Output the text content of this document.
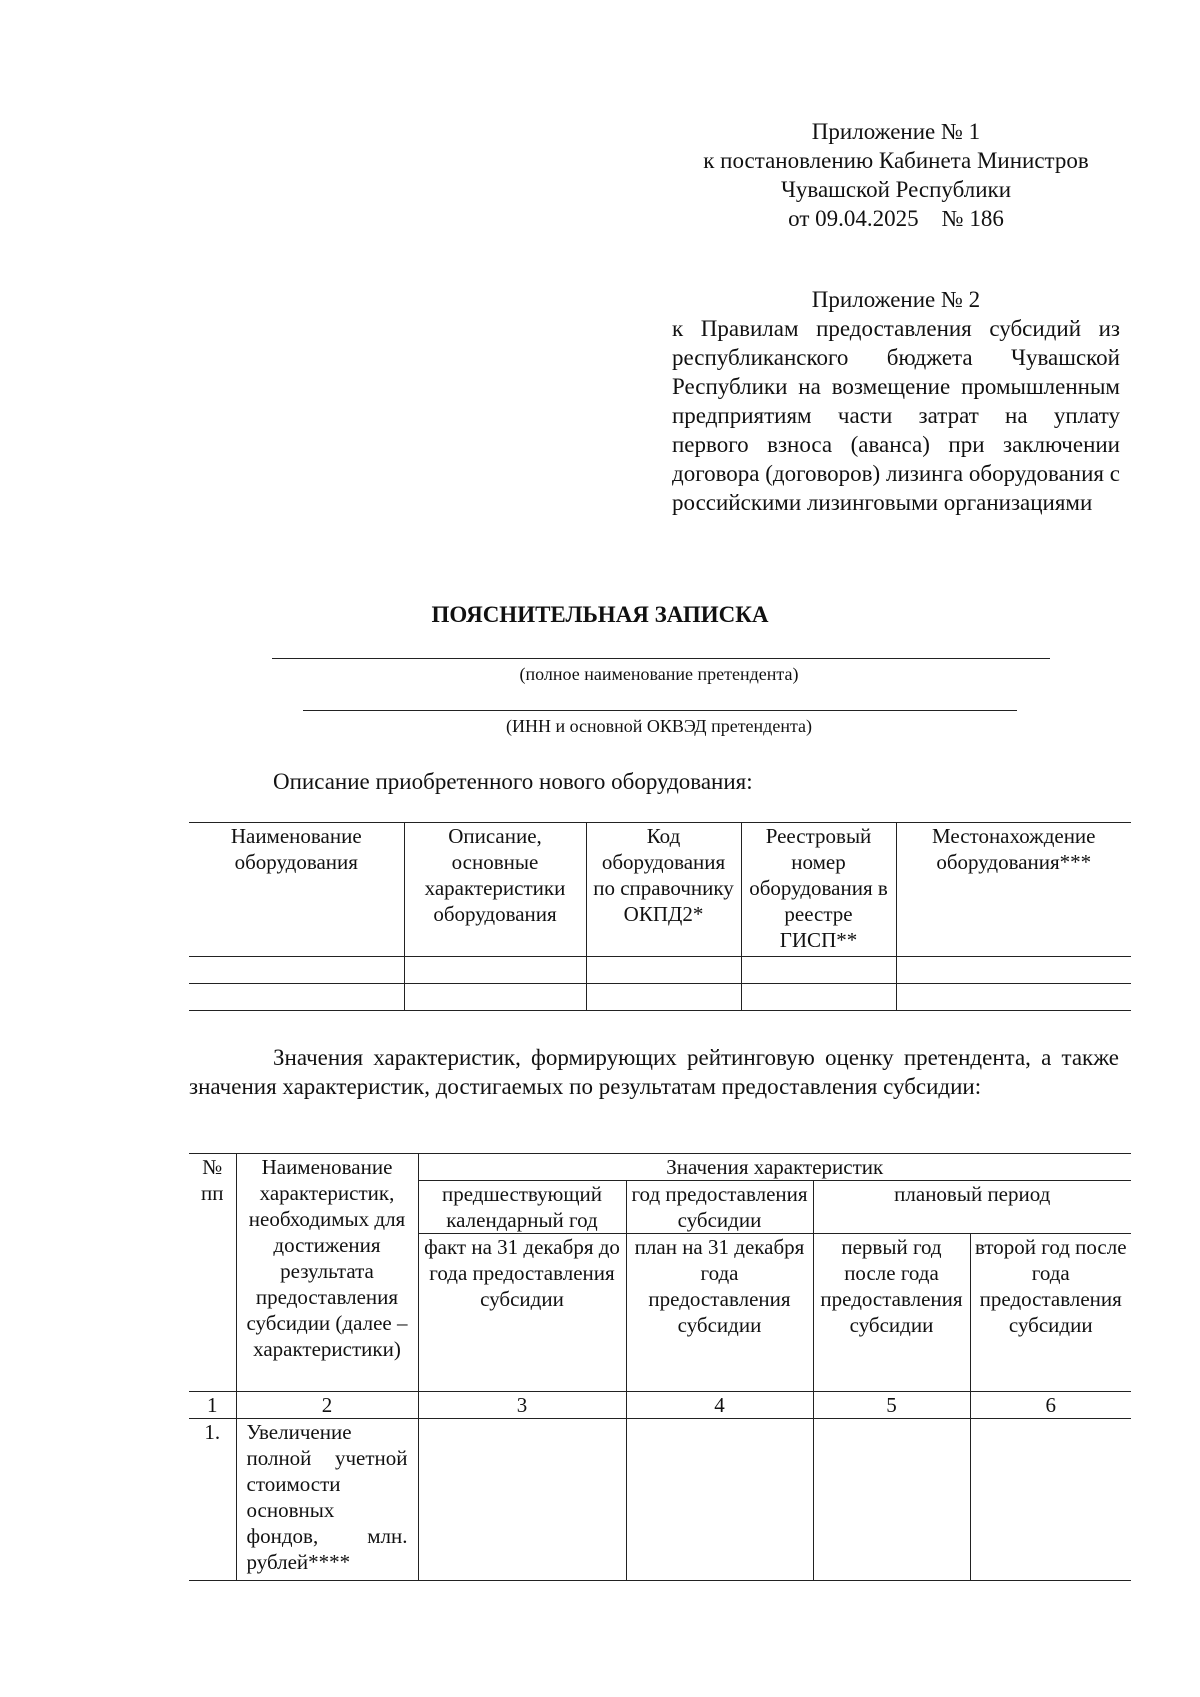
Приложение № 1
к постановлению Кабинета Министров
Чувашской Республики
от 09.04.2025    № 186
Приложение № 2
к Правилам предоставления субсидий из республиканского бюджета Чувашской Республики на возмещение промышленным предприятиям части затрат на уплату первого взноса (аванса) при заключении договора (договоров) лизинга оборудования с российскими лизинговыми организациями
ПОЯСНИТЕЛЬНАЯ ЗАПИСКА
(полное наименование претендента)
(ИНН и основной ОКВЭД претендента)
Описание приобретенного нового оборудования:
Наименование оборудования	Описание, основные характеристики оборудования	Код оборудования по справочнику ОКПД2*	Реестровый номер оборудования в реестре ГИСП**	Местонахождение оборудования***

Значения характеристик, формирующих рейтинговую оценку претендента, а также значения характеристик, достигаемых по результатам предоставления субсидии:
№ пп	Наименование характеристик, необходимых для достижения результата предоставления субсидии (далее – характеристики)	Значения характеристик			
		предшествующий календарный год	год предоставления субсидии	плановый период	
		факт на 31 декабря до года предоставления субсидии	план на 31 декабря года предоставления субсидии	первый год после года предоставления субсидии	второй год после года предоставления субсидии
1	2	3	4	5	6
1.	Увеличение полной учетной стоимости основных фондов, млн. рублей****				
